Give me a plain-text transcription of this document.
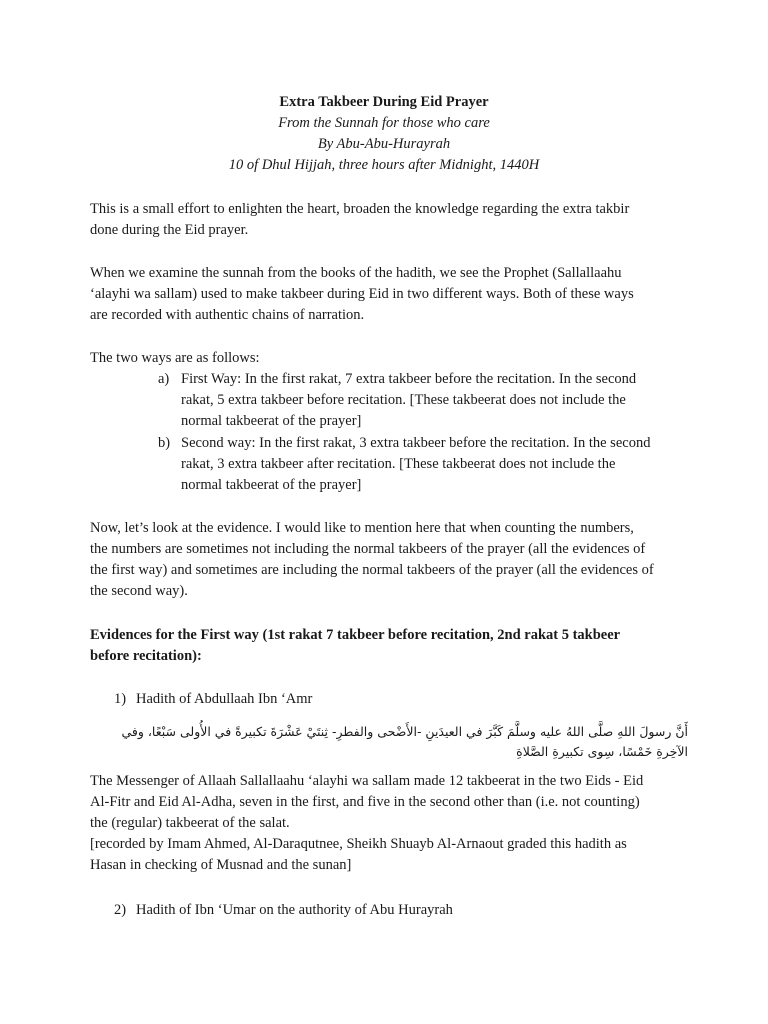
Extra Takbeer During Eid Prayer
From the Sunnah for those who care
By Abu-Abu-Hurayrah
10 of Dhul Hijjah, three hours after Midnight, 1440H
This is a small effort to enlighten the heart, broaden the knowledge regarding the extra takbir
done during the Eid prayer.
When we examine the sunnah from the books of the hadith, we see the Prophet (Sallallaahu
‘alayhi wa sallam) used to make takbeer during Eid in two different ways. Both of these ways
are recorded with authentic chains of narration.
The two ways are as follows:
a) First Way: In the first rakat, 7 extra takbeer before the recitation. In the second
rakat, 5 extra takbeer before recitation. [These takbeerat does not include the
normal takbeerat of the prayer]
b) Second way: In the first rakat, 3 extra takbeer before the recitation. In the second
rakat, 3 extra takbeer after recitation. [These takbeerat does not include the
normal takbeerat of the prayer]
Now, let’s look at the evidence. I would like to mention here that when counting the numbers,
the numbers are sometimes not including the normal takbeers of the prayer (all the evidences of
the first way) and sometimes are including the normal takbeers of the prayer (all the evidences of
the second way).
Evidences for the First way (1st rakat 7 takbeer before recitation, 2nd rakat 5 takbeer
before recitation):
1) Hadith of Abdullaah Ibn ‘Amr
أَنَّ رسولَ اللهِ صلَّى اللهُ عليه وسلَّمَ كَبَّرَ في العيدَينِ -الأَضْحى والفطرِ- ثِنتَيْ عَشْرَةَ تكبيرةً في الأُولى سَبْعًا، وفي
الآخِرةِ خَمْسًا، سِوى تكبيرةِ الصَّلاةِ
The Messenger of Allaah Sallallaahu ‘alayhi wa sallam made 12 takbeerat in the two Eids - Eid
Al-Fitr and Eid Al-Adha, seven in the first, and five in the second other than (i.e. not counting)
the (regular) takbeerat of the salat.
[recorded by Imam Ahmed, Al-Daraqutnee, Sheikh Shuayb Al-Arnaout graded this hadith as
Hasan in checking of Musnad and the sunan]
2) Hadith of Ibn ‘Umar on the authority of Abu Hurayrah
